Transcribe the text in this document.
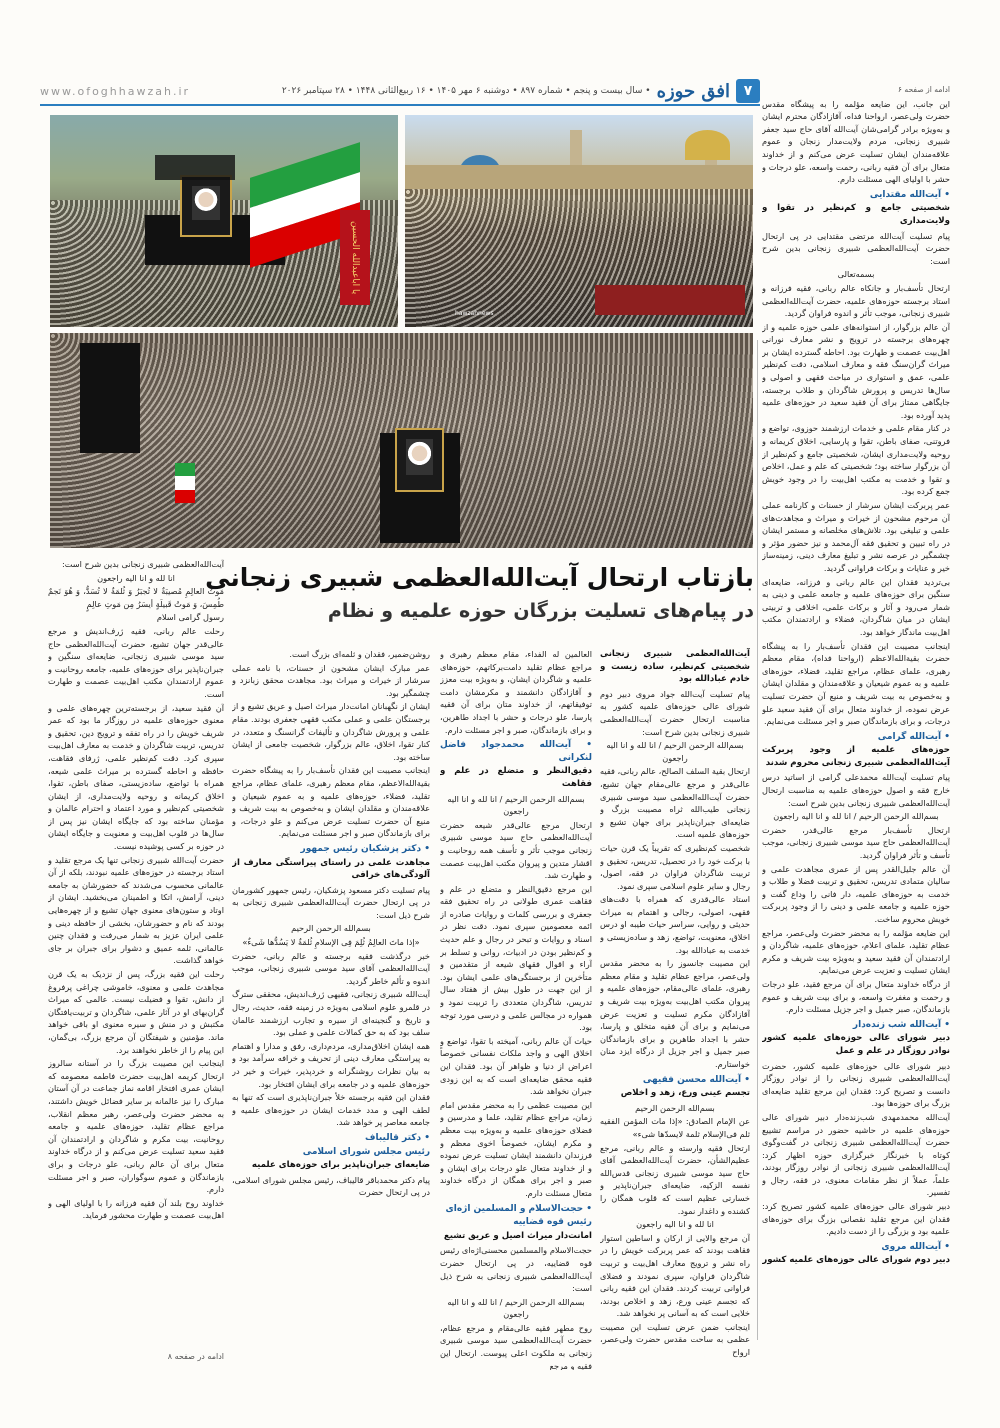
۷
افق حوزه
• سال بیست و پنجم • شماره ۸۹۷ • دوشنبه ۶ مهر ۱۴۰۵ • ۱۶ ربیع‌الثانی ۱۴۴۸ • ۲۸ سپتامبر ۲۰۲۶
www.ofoghhawzah.ir
یا اباعبدالله الحسین
hawzahnews
بازتاب ارتحال آیت‌الله‌العظمی شبیری زنجانی
در پیام‌های تسلیت بزرگان حوزه علمیه و نظام

ادامه از صفحه ۶

این جانب، این ضایعه مؤلمه را به پیشگاه مقدس حضرت ولی‌عصر، ارواحنا فداه، آقازادگان محترم ایشان و به‌ویژه برادر گرامی‌شان آیت‌الله آقای حاج سید جعفر شبیری زنجانی، مردم ولایت‌مدار زنجان و عموم علاقه‌مندان ایشان تسلیت عرض می‌کنم و از خداوند متعال برای آن فقیه ربانی، رحمت واسعه، علو درجات و حشر با اولیای الهی مسئلت دارم.

• آیت‌الله مقتدایی
شخصیتی جامع و کم‌نظیر در تقوا و ولایت‌مداری

پیام تسلیت آیت‌الله مرتضی مقتدایی در پی ارتحال حضرت آیت‌الله‌العظمی شبیری زنجانی بدین شرح است:

بسمه‌تعالی

ارتحال تأسف‌بار و جانکاه عالم ربانی، فقیه فرزانه و استاد برجسته حوزه‌های علمیه، حضرت آیت‌الله‌العظمی شبیری زنجانی، موجب تأثر و اندوه فراوان گردید.

آن عالم بزرگوار، از استوانه‌های علمی حوزه علمیه و از چهره‌های برجسته در ترویج و نشر معارف نورانی اهل‌بیت عصمت و طهارت بود. احاطه گسترده ایشان بر میراث گران‌سنگ فقه و معارف اسلامی، دقت کم‌نظیر علمی، عمق و استواری در مباحث فقهی و اصولی و سال‌ها تدریس و پرورش شاگردان و طلاب برجسته، جایگاهی ممتاز برای آن فقید سعید در حوزه‌های علمیه پدید آورده بود.

در کنار مقام علمی و خدمات ارزشمند حوزوی، تواضع و فروتنی، صفای باطن، تقوا و پارسایی، اخلاق کریمانه و روحیه ولایت‌مداری ایشان، شخصیتی جامع و کم‌نظیر از آن بزرگوار ساخته بود؛ شخصیتی که علم و عمل، اخلاص و تقوا و خدمت به مکتب اهل‌بیت را در وجود خویش جمع کرده بود.

عمر پربرکت ایشان سرشار از حسنات و کارنامه عملی آن مرحوم مشحون از خیرات و میراث و مجاهدت‌های علمی و تبلیغی بود. تلاش‌های مخلصانه و مستمر ایشان در راه تبیین و تحقیق فقه آل‌محمد و نیز حضور مؤثر و چشمگیر در عرصه نشر و تبلیغ معارف دینی، زمینه‌ساز خیر و عنایات و برکات فراوانی گردید.

بی‌تردید فقدان این عالم ربانی و فرزانه، ضایعه‌ای سنگین برای حوزه‌های علمیه و جامعه علمی و دینی به شمار می‌رود و آثار و برکات علمی، اخلاقی و تربیتی ایشان در میان شاگردان، فضلاء و ارادتمندان مکتب اهل‌بیت ماندگار خواهد بود.

اینجانب مصیبت این فقدان تأسف‌بار را به پیشگاه حضرت بقیةالله‌الاعظم (ارواحنا فداه)، مقام معظم رهبری، علمای عظام، مراجع تقلید، فضلاء، حوزه‌های علمیه و به عموم شیعیان و علاقه‌مندان و مقلدان ایشان و به‌خصوص به بیت شریف و منیع آن حضرت تسلیت عرض نموده، از خداوند متعال برای آن فقید سعید علو درجات، و برای بازماندگان صبر و اجر مسئلت می‌نمایم.

• آیت‌الله گرامی
حوزه‌های علمیه از وجود پربرکت آیت‌الله‌العظمی شبیری زنجانی محروم شدند

پیام تسلیت آیت‌الله محمدعلی گرامی از اساتید درس خارج فقه و اصول حوزه‌های علمیه به مناسبت ارتحال آیت‌الله‌العظمی شبیری زنجانی بدین شرح است:

بسم‌الله الرحمن الرحیم / انا لله و انا الیه راجعون

ارتحال تأسف‌بار مرجع عالی‌قدر، حضرت آیت‌الله‌العظمی حاج سید موسی شبیری زنجانی، موجب تأسف و تأثر فراوان گردید.

آن عالم جلیل‌القدر پس از عمری مجاهدت علمی و سالیان متمادی تدریس، تحقیق و تربیت فضلا و طلاب و خدمت به حوزه‌های علمیه، دار فانی را وداع گفت و حوزه علمیه و جامعه علمی و دینی را از وجود پربرکت خویش محروم ساخت.

این ضایعه مؤلمه را به محضر حضرت ولی‌عصر، مراجع عظام تقلید، علمای اعلام، حوزه‌های علمیه، شاگردان و ارادتمندان آن فقید سعید و به‌ویژه بیت شریف و مکرم ایشان تسلیت و تعزیت عرض می‌نمایم.

از درگاه خداوند متعال برای آن مرجع فقید، علو درجات و رحمت و مغفرت واسعه، و برای بیت شریف و عموم بازماندگان، صبر جمیل و اجر جزیل مسئلت دارم.

• آیت‌الله شب زنده‌دار
دبیر شورای عالی حوزه‌های علمیه کشور نوادر روزگار در علم و عمل

دبیر شورای عالی حوزه‌های علمیه کشور، حضرت آیت‌الله‌العظمی شبیری زنجانی را از نوادر روزگار دانست و تصریح کرد: فقدان این مرجع تقلید ضایعه‌ای بزرگ برای حوزه‌ها بود.

آیت‌الله محمدمهدی شب‌زنده‌دار دبیر شورای عالی حوزه‌های علمیه در حاشیه حضور در مراسم تشییع حضرت آیت‌الله‌العظمی شبیری زنجانی در گفت‌وگوی کوتاه با خبرنگار خبرگزاری حوزه اظهار کرد: آیت‌الله‌العظمی شبیری زنجانی از نوادر روزگار بودند، علماً، عملاً از نظر مقامات معنوی، در فقه، رجال و تفسیر.

دبیر شورای عالی حوزه‌های علمیه کشور تصریح کرد: فقدان این مرجع تقلید نقصانی بزرگ برای حوزه‌های علمیه بود و بزرگی را از دست دادیم.

• آیت‌الله مروی
دبیر دوم شورای عالی حوزه‌های علمیه کشور
آیت‌الله‌العظمی شبیری زنجانی شخصیتی کم‌نظیر، ساده زیست و خادم عبادالله بود

پیام تسلیت آیت‌الله جواد مروی دبیر دوم شورای عالی حوزه‌های علمیه کشور به مناسبت ارتحال حضرت آیت‌الله‌العظمی شبیری زنجانی بدین شرح است:

بسم‌الله الرحمن الرحیم / انا لله و انا الیه راجعون

ارتحال بقیة السلف الصالح، عالم ربانی، فقیه عالی‌قدر و مرجع عالی‌مقام جهان تشیع، حضرت آیت‌الله‌العظمی سید موسی شبیری زنجانی طیب‌الله ثراه مصیبت بزرگ و ضایعه‌ای جبران‌ناپذیر برای جهان تشیع و حوزه‌های علمیه است.

شخصیت کم‌نظیری که تقریباً یک قرن حیات با برکت خود را در تحصیل، تدریس، تحقیق و تربیت شاگردان فراوان در فقه، اصول، رجال و سایر علوم اسلامی سپری نمود.

استاد عالی‌قدری که همراه با دقت‌های فقهی، اصولی، رجالی و اهتمام به میراث حدیثی و روایی، سراسر حیات طیبه او درس اخلاق، معنویت، تواضع، زهد و ساده‌زیستی و خدمت به عبادالله بود.

این مصیبت جانسوز را به محضر مقدس ولی‌عصر، مراجع عظام تقلید و مقام معظم رهبری، علمای عالی‌مقام، حوزه‌های علمیه و پیروان مکتب اهل‌بیت به‌ویژه بیت شریف و آقازادگان مکرم تسلیت و تعزیت عرض می‌نمایم و برای آن فقیه متخلق و پارسا، حشر با اجداد طاهرین و برای بازماندگان صبر جمیل و اجر جزیل از درگاه ایزد منان خواستارم.

• آیت‌الله محسن فقیهی
تجسم عینی ورع، زهد و اخلاص

بسم‌الله الرحمن الرحیم

عن الإمام الصادق: «إذا مات المؤمن الفقیه ثلم فی‌الإسلام ثلمة لایسدّها شیء»

ارتحال فقیه وارسته و عالم ربانی، مرجع عظیم‌الشأن، حضرت آیت‌الله‌العظمی آقای حاج سید موسی شبیری زنجانی قدس‌الله نفسه الزکیه، ضایعه‌ای جبران‌ناپذیر و خسارتی عظیم است که قلوب همگان را کشنده و داغدار نمود.

انا لله و انا الیه راجعون

آن مرجع والایی از ارکان و اساطین استوار فقاهت بودند که عمر پربرکت خویش را در راه نشر و ترویج معارف اهل‌بیت و تربیت شاگردان فراوان، سپری نمودند و فضلای فراوانی تربیت کردند. فقدان این فقیه ربانی که تجسم عینی ورع، زهد و اخلاص بودند، خلایی است که به آسانی پر نخواهد شد.

اینجانب ضمن عرض تسلیت این مصیبت عظمی به ساحت مقدس حضرت ولی‌عصر، ارواح

العالمین له الفداء، مقام معظم رهبری و مراجع عظام تقلید دامت‌برکاتهم، حوزه‌های علمیه و شاگردان ایشان، و به‌ویژه بیت معزز و آقازادگان دانشمند و مکرمشان دامت توفیقاتهم، از خداوند متان برای آن فقیه پارسا، علو درجات و حشر با اجداد طاهرین، و برای بازماندگان، صبر و اجر مسئلت دارم.

• آیت‌الله محمدجواد فاضل لنکرانی
دقیق‌النظر و متضلع در علم و فقاهت

بسم‌الله الرحمن الرحیم / انا لله و انا الیه راجعون

ارتحال مرجع عالی‌قدر شیعه حضرت آیت‌الله‌العظمی حاج سید موسی شبیری زنجانی موجب تأثر و تأسف همه روحانیت و اقشار متدین و پیروان مکتب اهل‌بیت عصمت و طهارت شد.

این مرجع دقیق‌النظر و متضلع در علم و فقاهت عمری طولانی در راه تحقیق فقه جعفری و بررسی کلمات و روایات صادره از ائمه معصومین سپری نمود. دقت نظر در اسناد و روایات و تبحر در رجال و علم حدیث و کم‌نظیر بودن در ادبیات، روانی و تسلط بر آراء و اقوال فقهای شیعه از متقدمین و متأخرین از برجستگی‌های علمی ایشان بود. از این جهت در طول بیش از هفتاد سال تدریس، شاگردان متعددی را تربیت نمود و همواره در مجالس علمی و درسی مورد توجه بود.

حیات آن عالم ربانی، آمیخته با تقوا، تواضع و اخلاق الهی و واجد ملکات نفسانی خصوصاً اعراض از دنیا و ظواهر آن بود. فقدان این فقیه محقق ضایعه‌ای است که به این زودی جبران نخواهد شد.

این مصیبت عظمی را به محضر مقدس امام زمان، مراجع عظام تقلید، علما و مدرسین و فضلای حوزه‌های علمیه و به‌ویژه بیت معظم و مکرم ایشان، خصوصاً اخوی معظم و فرزندان دانشمند ایشان تسلیت عرض نموده و از خداوند متعال علو درجات برای ایشان و صبر و اجر برای همگان از درگاه خداوند متعال مسئلت دارم.

• حجت‌الاسلام و المسلمین اژه‌ای
رئیس قوه قضاییه
امانت‌دار میراث اصیل و عریق تشیع

حجت‌الاسلام والمسلمین محسنی‌اژه‌ای رئیس قوه قضاییه، در پی ارتحال حضرت آیت‌الله‌العظمی شبیری زنجانی به شرح ذیل است:

بسم‌الله الرحمن الرحیم / انا لله و انا الیه راجعون

روح مطهر فقیه عالی‌مقام و مرجع عظام، حضرت آیت‌الله‌العظمی سید موسی شبیری زنجانی به ملکوت اعلی پیوست. ارتحال این فقیه و مرجع

روشن‌ضمیر، فقدان و ثلمه‌ای بزرگ است.

عمر مبارک ایشان مشحون از حسنات، با نامه عملی سرشار از خیرات و میراث بود. مجاهدت محقق زبانزد و چشمگیر بود.

ایشان از نگهبانان امانت‌دار میراث اصیل و عریق تشیع و از برجستگان علمی و عملی مکتب فقهی جعفری بودند. مقام علمی و پرورش شاگردان و تألیفات گرانسنگ و متعدد، در کنار تقوا، اخلاق، عالم بزرگوار، شخصیت جامعی از ایشان ساخته بود.

اینجانب مصیبت این فقدان تأسف‌بار را به پیشگاه حضرت بقیةالله‌الاعظم، مقام معظم رهبری، علمای عظام، مراجع تقلید، فضلاء، حوزه‌های علمیه و به عموم شیعیان و علاقه‌مندان و مقلدان ایشان و به‌خصوص به بیت شریف و منیع آن حضرت تسلیت عرض می‌کنم و علو درجات، و برای بازماندگان صبر و اجر مسئلت می‌نمایم.

• دکتر پزشکیان رئیس جمهور
مجاهدت علمی در راستای پیراستگی معارف از آلودگی‌های خرافی

پیام تسلیت دکتر مسعود پزشکیان، رئیس جمهور کشورمان در پی ارتحال حضرت آیت‌الله‌العظمی شبیری زنجانی به شرح ذیل است:

بسم‌الله الرحمن الرحیم

«إذا ماتَ العالِمُ ثُلِمَ فِی الإسلامِ ثُلمَةٌ لا یَسُدُّها شَیءٌ»

خبر درگذشت فقیه برجسته و عالم ربانی، حضرت آیت‌الله‌العظمی آقای سید موسی شبیری زنجانی، موجب اندوه و تألم خاطر گردید.

آیت‌الله شبیری زنجانی، فقیهی ژرف‌اندیش، محققی سترگ در قلمرو علوم اسلامی به‌ویژه در زمینه فقه، حدیث، رجال و تاریخ و گنجینه‌ای از سیره و تجارب ارزشمند عالمان سلف بود که به حق کمالات علمی و عملی بود.

همه ایشان اخلاق‌مداری، مردم‌داری، رفق و مدارا و اهتمام به پیراستگی معارف دینی از تحریف و خرافه سرآمد بود و به بیان نظرات روشنگرانه و خردپذیر، خیرات و خیر در حوزه‌های علمیه و در جامعه برای ایشان افتخار بود.

فقدان این فقیه برجسته خلأ جبران‌ناپذیری است که تنها به لطف الهی و مدد خدمات ایشان در حوزه‌های علمیه و جامعه معاصر پر خواهد شد.

• دکتر قالیباف
رئیس مجلس شورای اسلامی
ضایعه‌ای جبران‌ناپذیر برای حوزه‌های علمیه

پیام دکتر محمدباقر قالیباف، رئیس مجلس شورای اسلامی، در پی ارتحال حضرت

آیت‌الله‌العظمی شبیری زنجانی بدین شرح است:

انا لله و انا الیه راجعون

مَوتُ العالِمِ مُصیبَةٌ لا تُجبَرُ وَ ثُلمَةٌ لا تُسَدُّ، وَ هُوَ نَجمٌ طُمِسَ، وَ مَوتُ قَبیلَةٍ أیسَرُ مِن مَوتِ عالِمٍ

رسول گرامی اسلام

رحلت عالم ربانی، فقیه ژرف‌اندیش و مرجع عالی‌قدر جهان تشیع، حضرت آیت‌الله‌العظمی حاج سید موسی شبیری زنجانی، ضایعه‌ای سنگین و جبران‌ناپذیر برای حوزه‌های علمیه، جامعه روحانیت و عموم ارادتمندان مکتب اهل‌بیت عصمت و طهارت است.

آن فقید سعید، از برجسته‌ترین چهره‌های علمی و معنوی حوزه‌های علمیه در روزگار ما بود که عمر شریف خویش را در راه تفقه و ترویج دین، تحقیق و تدریس، تربیت شاگردان و خدمت به معارف اهل‌بیت سپری کرد. دقت کم‌نظیر علمی، ژرفای فقاهت، حافظه و احاطه گسترده بر میراث علمی شیعه، همراه با تواضع، ساده‌زیستی، صفای باطن، تقوا، اخلاق کریمانه و روحیه ولایت‌مداری، از ایشان شخصیتی کم‌نظیر و مورد اعتماد و احترام عالمان و مؤمنان ساخته بود که جایگاه ایشان نیز پس از سال‌ها در قلوب اهل‌بیت و معنویت و جایگاه ایشان در حوزه بر کسی پوشیده نیست.

حضرت آیت‌الله شبیری زنجانی تنها یک مرجع تقلید و استاد برجسته در حوزه‌های علمیه نبودند، بلکه از آن عالمانی محسوب می‌شدند که حضورشان به جامعه دینی، آرامش، اتکا و اطمینان می‌بخشید. ایشان از اوتاد و ستون‌های معنوی جهان تشیع و از چهره‌هایی بودند که نام و حضورشان، بخشی از حافظه دینی و علمی ایران عزیز به شمار می‌رفت و فقدان چنین عالمانی، ثلمه عمیق و دشوار برای جبران بر جای خواهد گذاشت.

رحلت این فقیه بزرگ، پس از نزدیک به یک قرن مجاهدت علمی و معنوی، خاموشی چراغی پرفروغ از دانش، تقوا و فضیلت نیست. عالمی که میراث گران‌بهای او در آثار علمی، شاگردان و تربیت‌یافتگان مکتبش و در منش و سیره معنوی او باقی خواهد ماند. مؤمنین و شیفتگان آن مرجع بزرگ، بی‌گمان، این پیام را از خاطر نخواهند برد.

اینجانب این مصیبت بزرگ را در آستانه سالروز ارتحال کریمه اهل‌بیت حضرت فاطمه معصومه که ایشان عمری افتخار اقامه نماز جماعت در آن آستان مبارک را نیز عالمانه بر سایر فضائل خویش داشتند، به محضر حضرت ولی‌عصر، رهبر معظم انقلاب، مراجع عظام تقلید، حوزه‌های علمیه و جامعه روحانیت، بیت مکرم و شاگردان و ارادتمندان آن فقید سعید تسلیت عرض می‌کنم و از درگاه خداوند متعال برای آن عالم ربانی، علو درجات و برای بازماندگان و عموم سوگواران، صبر و اجر مسئلت دارم.

خداوند روح بلند آن فقیه فرزانه را با اولیای الهی و اهل‌بیت عصمت و طهارت محشور فرماید.

ادامه در صفحه ۸
